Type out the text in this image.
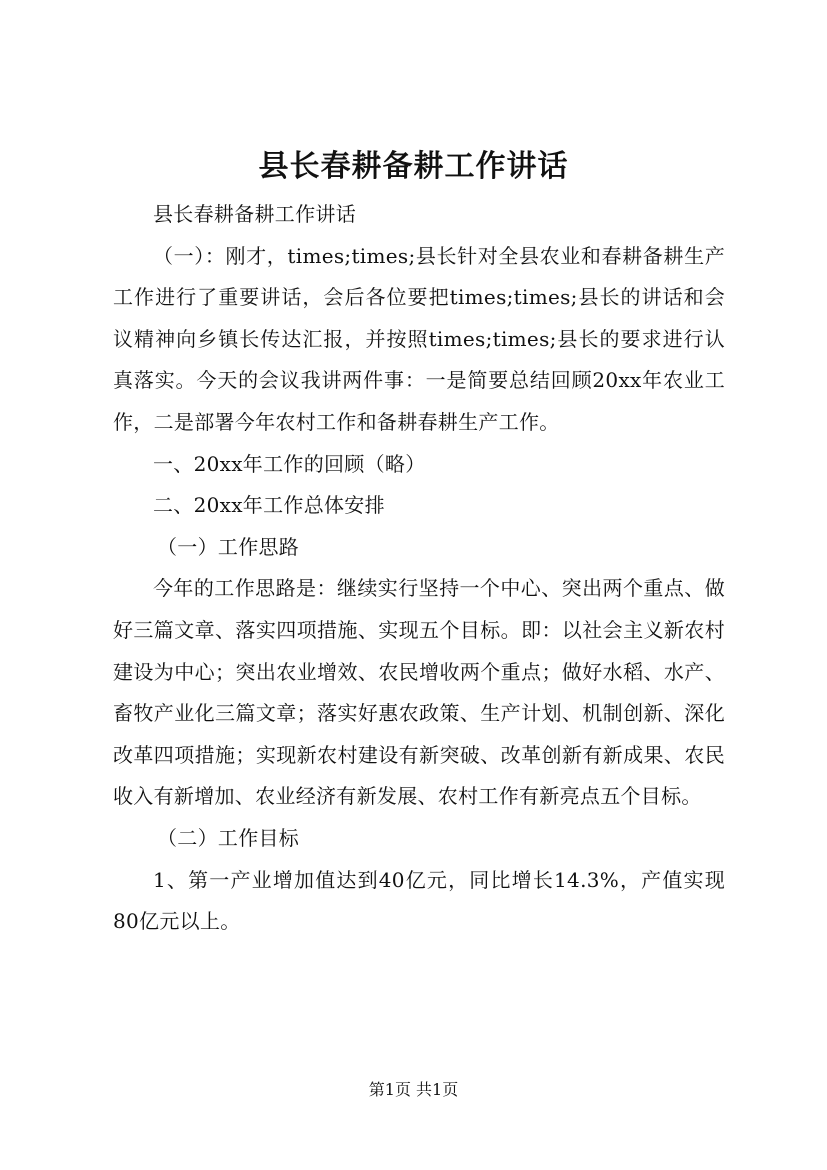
县长春耕备耕工作讲话

县长春耕备耕工作讲话

（一）：刚才，times;times;县长针对全县农业和春耕备耕生产工作进行了重要讲话，会后各位要把times;times;县长的讲话和会议精神向乡镇长传达汇报，并按照times;times;县长的要求进行认真落实。今天的会议我讲两件事：一是简要总结回顾20xx年农业工作，二是部署今年农村工作和备耕春耕生产工作。

一、20xx年工作的回顾（略）

二、20xx年工作总体安排

（一）工作思路

今年的工作思路是：继续实行坚持一个中心、突出两个重点、做好三篇文章、落实四项措施、实现五个目标。即：以社会主义新农村建设为中心；突出农业增效、农民增收两个重点；做好水稻、水产、畜牧产业化三篇文章；落实好惠农政策、生产计划、机制创新、深化改革四项措施；实现新农村建设有新突破、改革创新有新成果、农民收入有新增加、农业经济有新发展、农村工作有新亮点五个目标。

（二）工作目标

1、第一产业增加值达到40亿元，同比增长14.3%，产值实现80亿元以上。

第1页 共1页
